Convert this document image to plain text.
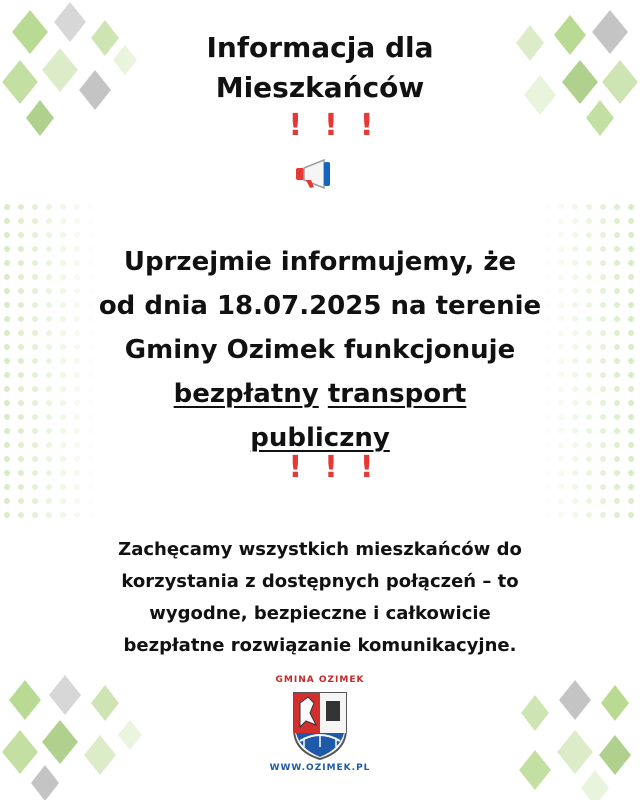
Informacja dla
Mieszkańców
!!!
Uprzejmie informujemy, że
od dnia 18.07.2025 na terenie
Gminy Ozimek funkcjonuje
bezpłatny transport
publiczny
!!!
Zachęcamy wszystkich mieszkańców do
korzystania z dostępnych połączeń – to
wygodne, bezpieczne i całkowicie
bezpłatne rozwiązanie komunikacyjne.
GMINA OZIMEK
WWW.OZIMEK.PL
